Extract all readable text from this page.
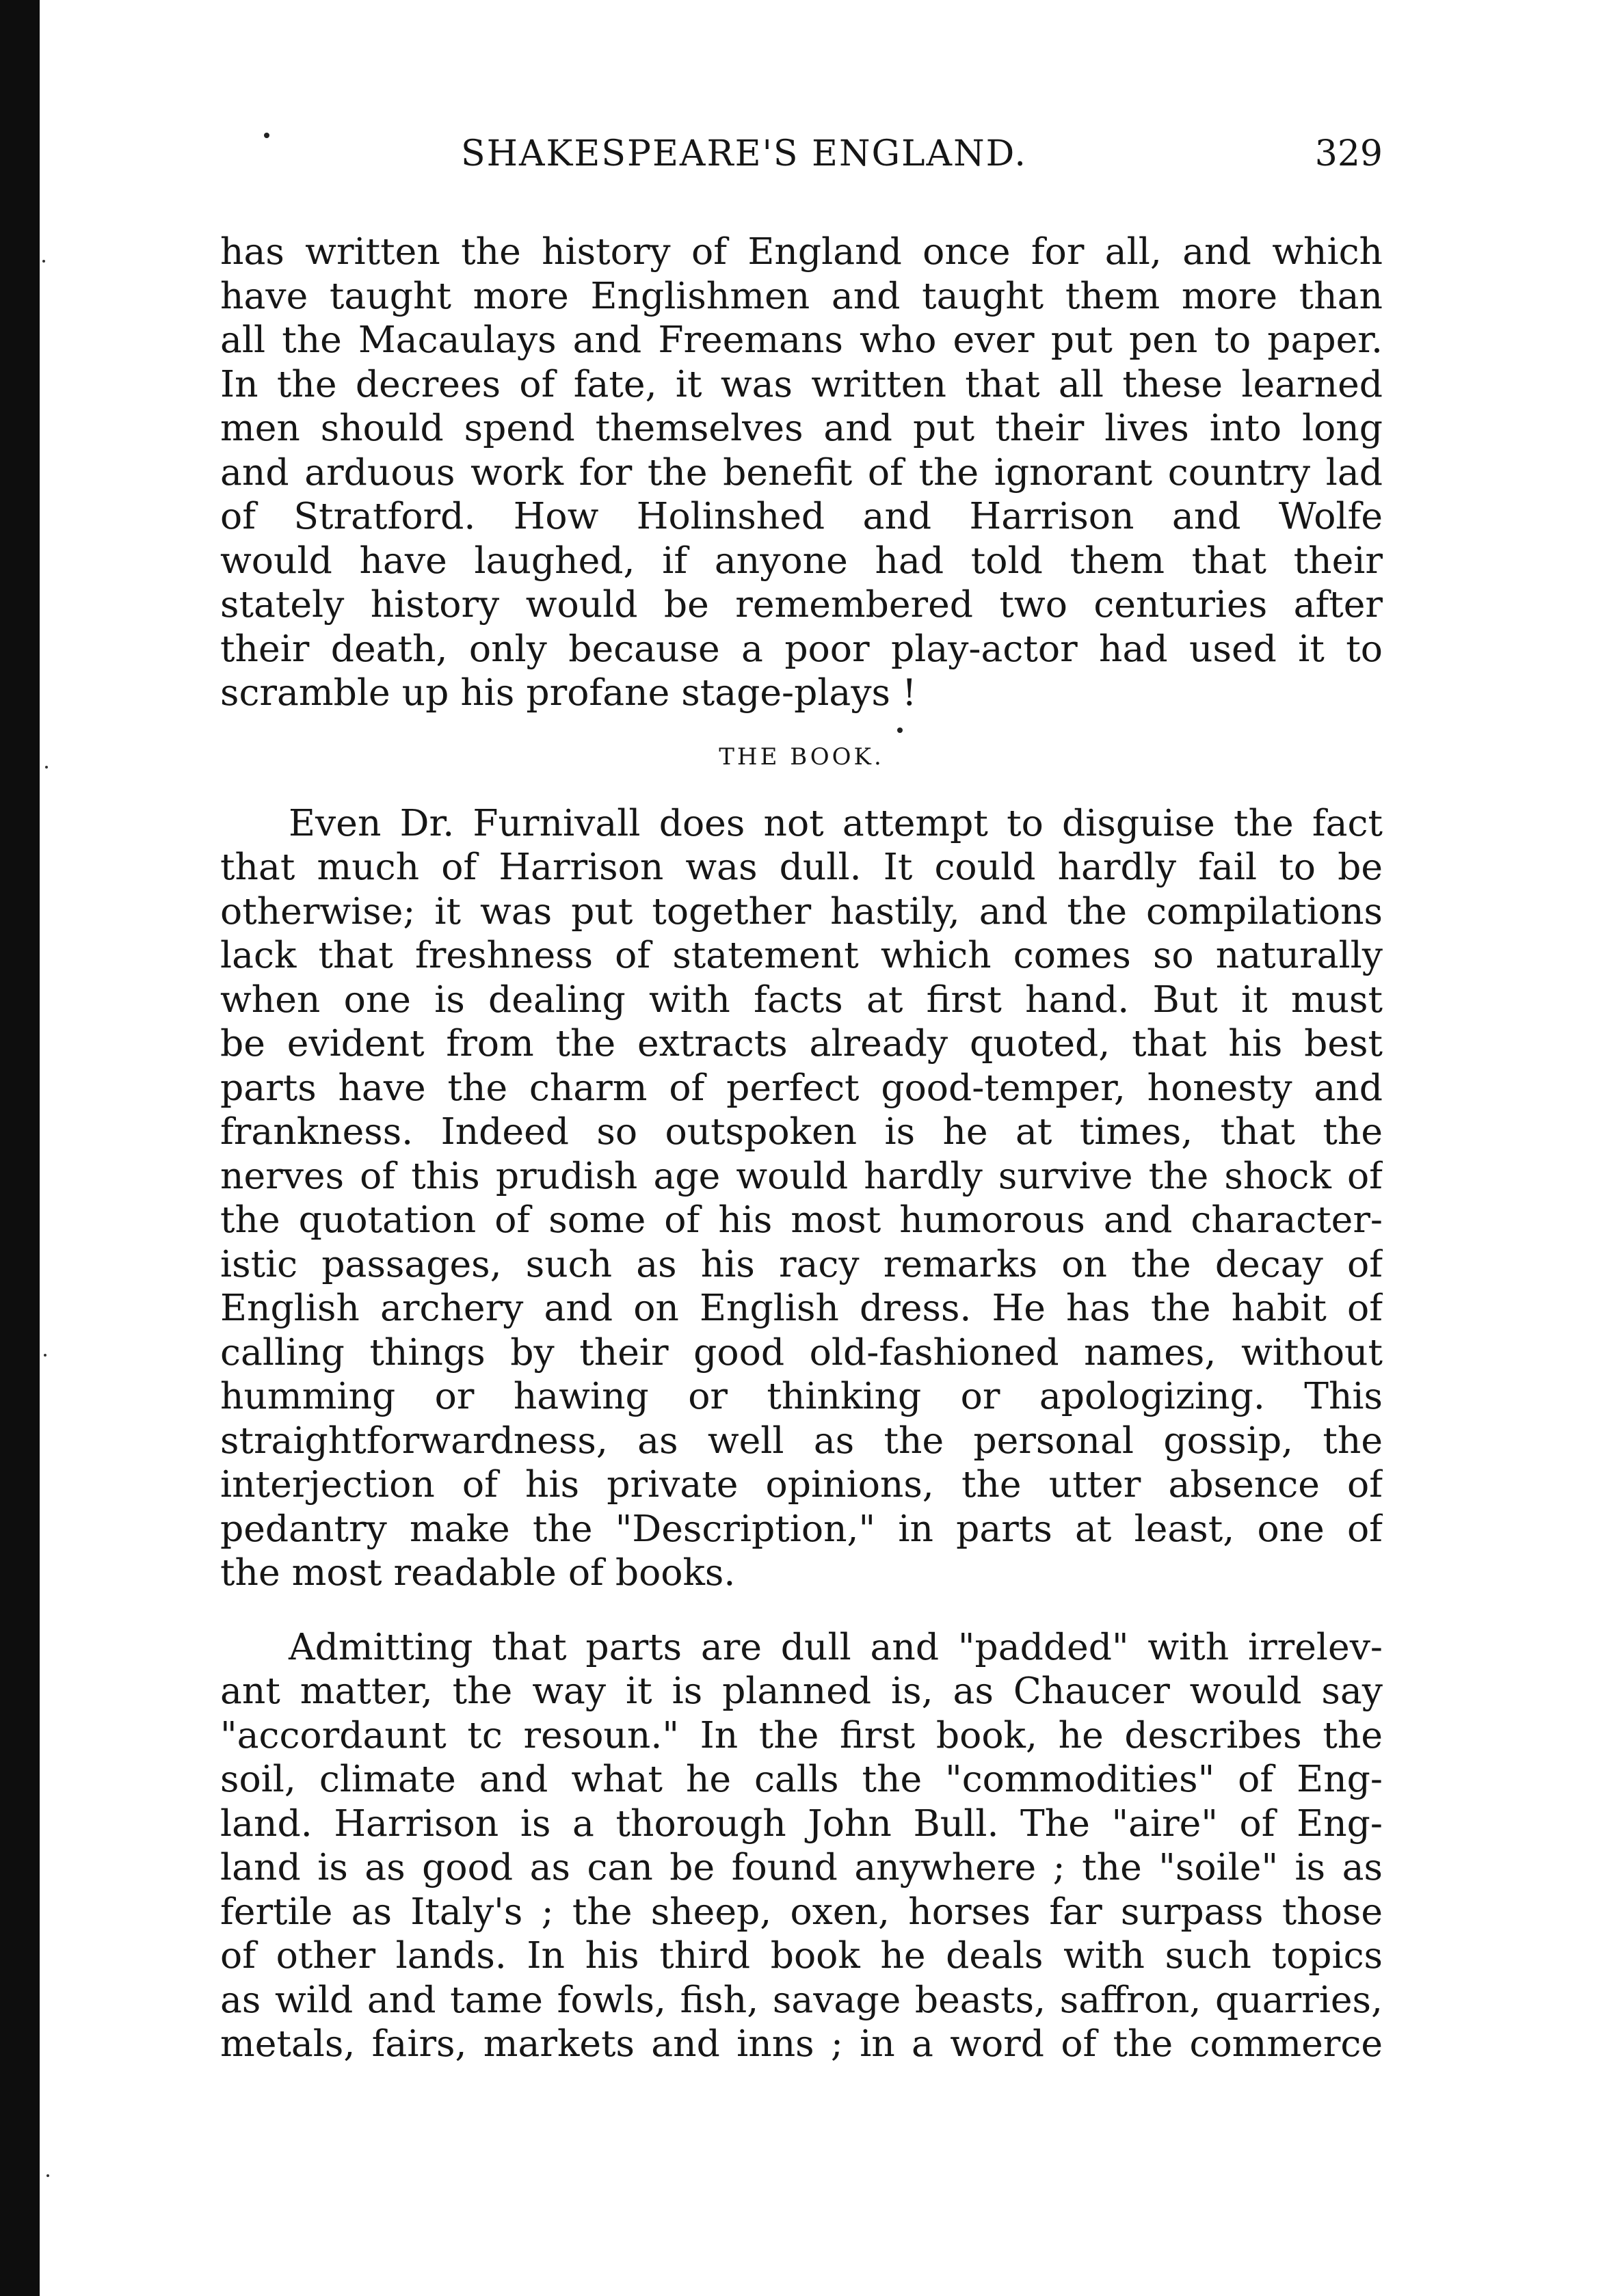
SHAKESPEARE'S ENGLAND.	329

has written the history of England once for all, and which
have taught more Englishmen and taught them more than
all the Macaulays and Freemans who ever put pen to paper.
In the decrees of fate, it was written that all these learned
men should spend themselves and put their lives into long
and arduous work for the benefit of the ignorant country lad
of Stratford. How Holinshed and Harrison and Wolfe
would have laughed, if anyone had told them that their
stately history would be remembered two centuries after
their death, only because a poor play-actor had used it to
scramble up his profane stage-plays !

THE BOOK.

Even Dr. Furnivall does not attempt to disguise the fact
that much of Harrison was dull. It could hardly fail to be
otherwise; it was put together hastily, and the compilations
lack that freshness of statement which comes so naturally
when one is dealing with facts at first hand. But it must
be evident from the extracts already quoted, that his best
parts have the charm of perfect good-temper, honesty and
frankness. Indeed so outspoken is he at times, that the
nerves of this prudish age would hardly survive the shock of
the quotation of some of his most humorous and character-
istic passages, such as his racy remarks on the decay of
English archery and on English dress. He has the habit of
calling things by their good old-fashioned names, without
humming or hawing or thinking or apologizing. This
straightforwardness, as well as the personal gossip, the
interjection of his private opinions, the utter absence of
pedantry make the "Description," in parts at least, one of
the most readable of books.

Admitting that parts are dull and "padded" with irrelev-
ant matter, the way it is planned is, as Chaucer would say
"accordaunt tc resoun." In the first book, he describes the
soil, climate and what he calls the "commodities" of Eng-
land. Harrison is a thorough John Bull. The "aire" of Eng-
land is as good as can be found anywhere ; the "soile" is as
fertile as Italy's ; the sheep, oxen, horses far surpass those
of other lands. In his third book he deals with such topics
as wild and tame fowls, fish, savage beasts, saffron, quarries,
metals, fairs, markets and inns ; in a word of the commerce
